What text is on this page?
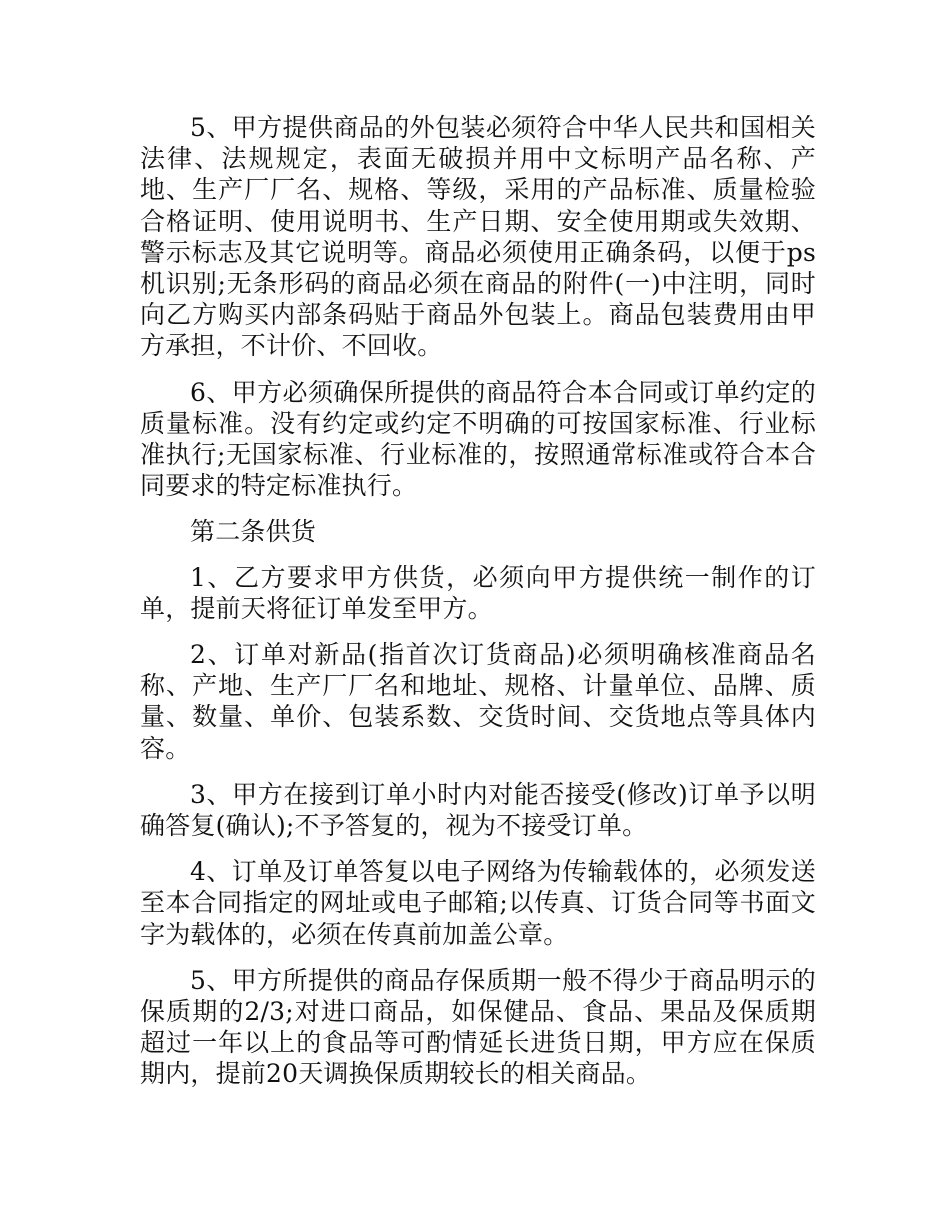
5、甲方提供商品的外包装必须符合中华人民共和国相关法律、法规规定，表面无破损并用中文标明产品名称、产地、生产厂厂名、规格、等级，采用的产品标准、质量检验合格证明、使用说明书、生产日期、安全使用期或失效期、警示标志及其它说明等。商品必须使用正确条码，以便于ps机识别;无条形码的商品必须在商品的附件(一)中注明，同时向乙方购买内部条码贴于商品外包装上。商品包装费用由甲方承担，不计价、不回收。

6、甲方必须确保所提供的商品符合本合同或订单约定的质量标准。没有约定或约定不明确的可按国家标准、行业标准执行;无国家标准、行业标准的，按照通常标准或符合本合同要求的特定标准执行。

第二条供货

1、乙方要求甲方供货，必须向甲方提供统一制作的订单，提前天将征订单发至甲方。

2、订单对新品(指首次订货商品)必须明确核准商品名称、产地、生产厂厂名和地址、规格、计量单位、品牌、质量、数量、单价、包装系数、交货时间、交货地点等具体内容。

3、甲方在接到订单小时内对能否接受(修改)订单予以明确答复(确认);不予答复的，视为不接受订单。

4、订单及订单答复以电子网络为传输载体的，必须发送至本合同指定的网址或电子邮箱;以传真、订货合同等书面文字为载体的，必须在传真前加盖公章。

5、甲方所提供的商品存保质期一般不得少于商品明示的保质期的2/3;对进口商品，如保健品、食品、果品及保质期超过一年以上的食品等可酌情延长进货日期，甲方应在保质期内，提前20天调换保质期较长的相关商品。
